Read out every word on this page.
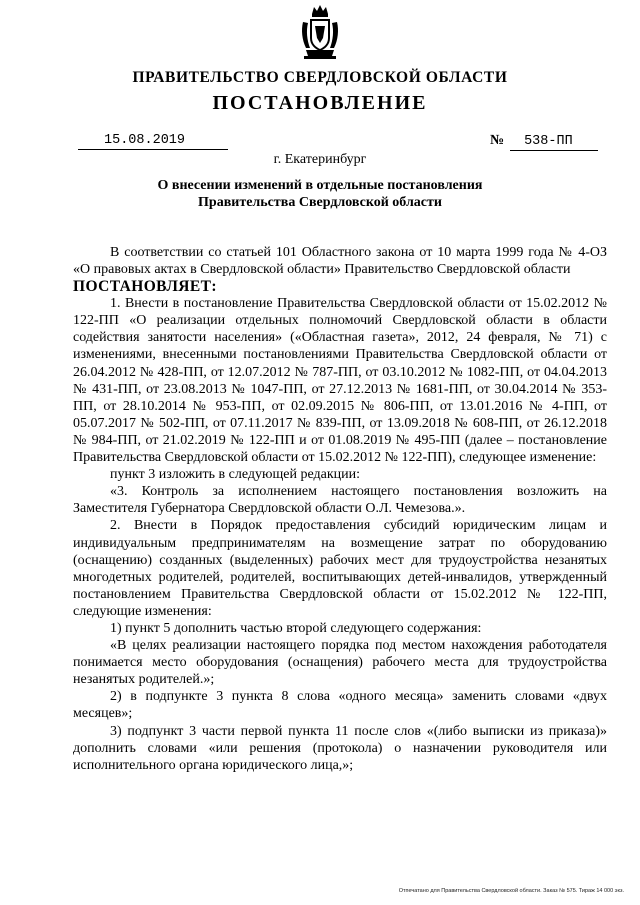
ПРАВИТЕЛЬСТВО СВЕРДЛОВСКОЙ ОБЛАСТИ
ПОСТАНОВЛЕНИЕ
15.08.2019	№ 538-ПП
г. Екатеринбург
О внесении изменений в отдельные постановления
Правительства Свердловской области

В соответствии со статьей 101 Областного закона от 10 марта 1999 года № 4-ОЗ «О правовых актах в Свердловской области» Правительство Свердловской области

ПОСТАНОВЛЯЕТ:

1. Внести в постановление Правительства Свердловской области от 15.02.2012 № 122-ПП «О реализации отдельных полномочий Свердловской области в области содействия занятости населения» («Областная газета», 2012, 24 февраля, № 71) с изменениями, внесенными постановлениями Правительства Свердловской области от 26.04.2012 № 428-ПП, от 12.07.2012 № 787-ПП, от 03.10.2012 № 1082-ПП, от 04.04.2013 № 431-ПП, от 23.08.2013 № 1047-ПП, от 27.12.2013 № 1681-ПП, от 30.04.2014 № 353-ПП, от 28.10.2014 № 953-ПП, от 02.09.2015 № 806-ПП, от 13.01.2016 № 4-ПП, от 05.07.2017 № 502-ПП, от 07.11.2017 № 839-ПП, от 13.09.2018 № 608-ПП, от 26.12.2018 № 984-ПП, от 21.02.2019 № 122-ПП и от 01.08.2019 № 495-ПП (далее – постановление Правительства Свердловской области от 15.02.2012 № 122-ПП), следующее изменение:

пункт 3 изложить в следующей редакции:

«3. Контроль за исполнением настоящего постановления возложить на Заместителя Губернатора Свердловской области О.Л. Чемезова.».

2. Внести в Порядок предоставления субсидий юридическим лицам и индивидуальным предпринимателям на возмещение затрат по оборудованию (оснащению) созданных (выделенных) рабочих мест для трудоустройства незанятых многодетных родителей, родителей, воспитывающих детей-инвалидов, утвержденный постановлением Правительства Свердловской области от 15.02.2012 № 122-ПП, следующие изменения:

1) пункт 5 дополнить частью второй следующего содержания:

«В целях реализации настоящего порядка под местом нахождения работодателя понимается место оборудования (оснащения) рабочего места для трудоустройства незанятых родителей.»;

2) в подпункте 3 пункта 8 слова «одного месяца» заменить словами «двух месяцев»;

3) подпункт 3 части первой пункта 11 после слов «(либо выписки из приказа)» дополнить словами «или решения (протокола) о назначении руководителя или исполнительного органа юридического лица,»;

Отпечатано для Правительства Свердловской области. Заказ № 575. Тираж 14 000 экз.
